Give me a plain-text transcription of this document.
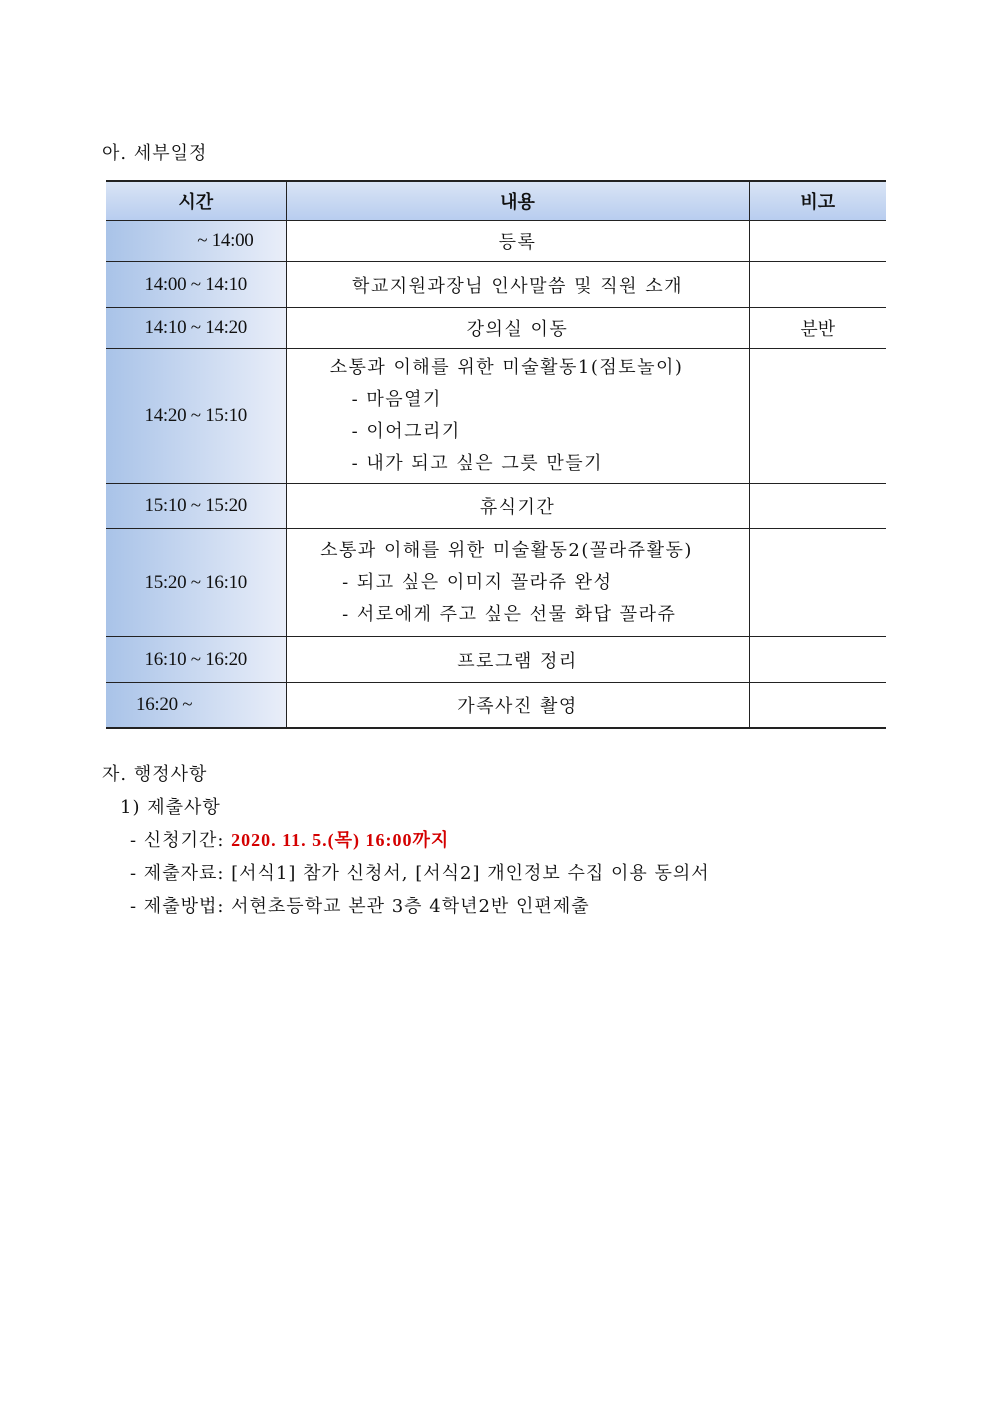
아. 세부일정
시간	내용	비고
~ 14:00	등록	
14:00 ~ 14:10	학교지원과장님 인사말씀 및 직원 소개	
14:10 ~ 14:20	강의실 이동	분반
14:20 ~ 15:10	소통과 이해를 위한 미술활동1(점토놀이)
- 마음열기
- 이어그리기
- 내가 되고 싶은 그릇 만들기	

15:10 ~ 15:20	휴식기간	
15:20 ~ 16:10	소통과 이해를 위한 미술활동2(꼴라쥬활동)
- 되고 싶은 이미지 꼴라쥬 완성
- 서로에게 주고 싶은 선물 화답 꼴라쥬	

16:10 ~ 16:20	프로그램 정리	
16:20 ~	가족사진 촬영	
자. 행정사항
1) 제출사항
- 신청기간: 2020. 11. 5.(목) 16:00까지
- 제출자료: [서식1] 참가 신청서, [서식2] 개인정보 수집 이용 동의서
- 제출방법: 서현초등학교 본관 3층 4학년2반 인편제출
